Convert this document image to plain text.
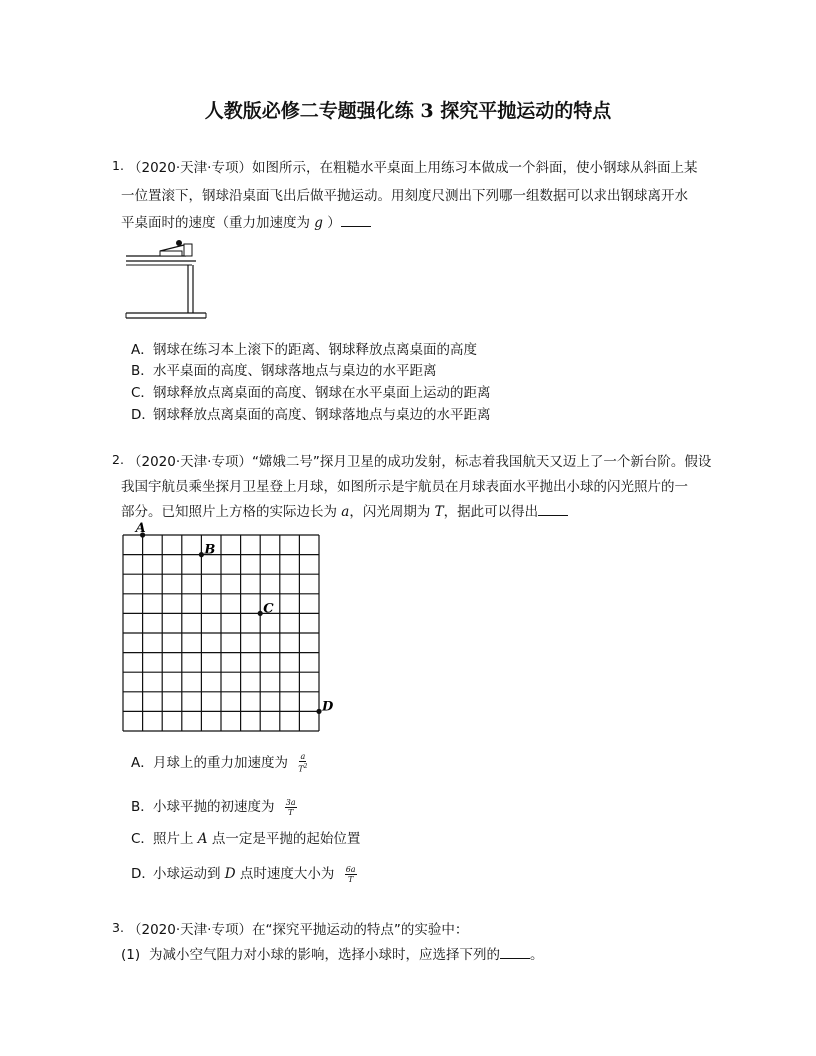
人教版必修二专题强化练 3 探究平抛运动的特点
1. （2020·天津·专项）如图所示，在粗糙水平桌面上用练习本做成一个斜面，使小钢球从斜面上某
一位置滚下，钢球沿桌面飞出后做平抛运动。用刻度尺测出下列哪一组数据可以求出钢球离开水
平桌面时的速度（重力加速度为 g ）
A．钢球在练习本上滚下的距离、钢球释放点离桌面的高度
B．水平桌面的高度、钢球落地点与桌边的水平距离
C．钢球释放点离桌面的高度、钢球在水平桌面上运动的距离
D．钢球释放点离桌面的高度、钢球落地点与桌边的水平距离
2. （2020·天津·专项）“嫦娥二号”探月卫星的成功发射，标志着我国航天又迈上了一个新台阶。假设
我国宇航员乘坐探月卫星登上月球，如图所示是宇航员在月球表面水平抛出小球的闪光照片的一
部分。已知照片上方格的实际边长为 a，闪光周期为 T，据此可以得出
A
B
C
D
A．月球上的重力加速度为 $\frac{a}{T^2}$
B．小球平抛的初速度为 $\frac{3a}{T}$
C．照片上 A 点一定是平抛的起始位置
D．小球运动到 D 点时速度大小为 $\frac{6a}{T}$
3. （2020·天津·专项）在“探究平抛运动的特点”的实验中：
(1) 为减小空气阻力对小球的影响，选择小球时，应选择下列的 。
